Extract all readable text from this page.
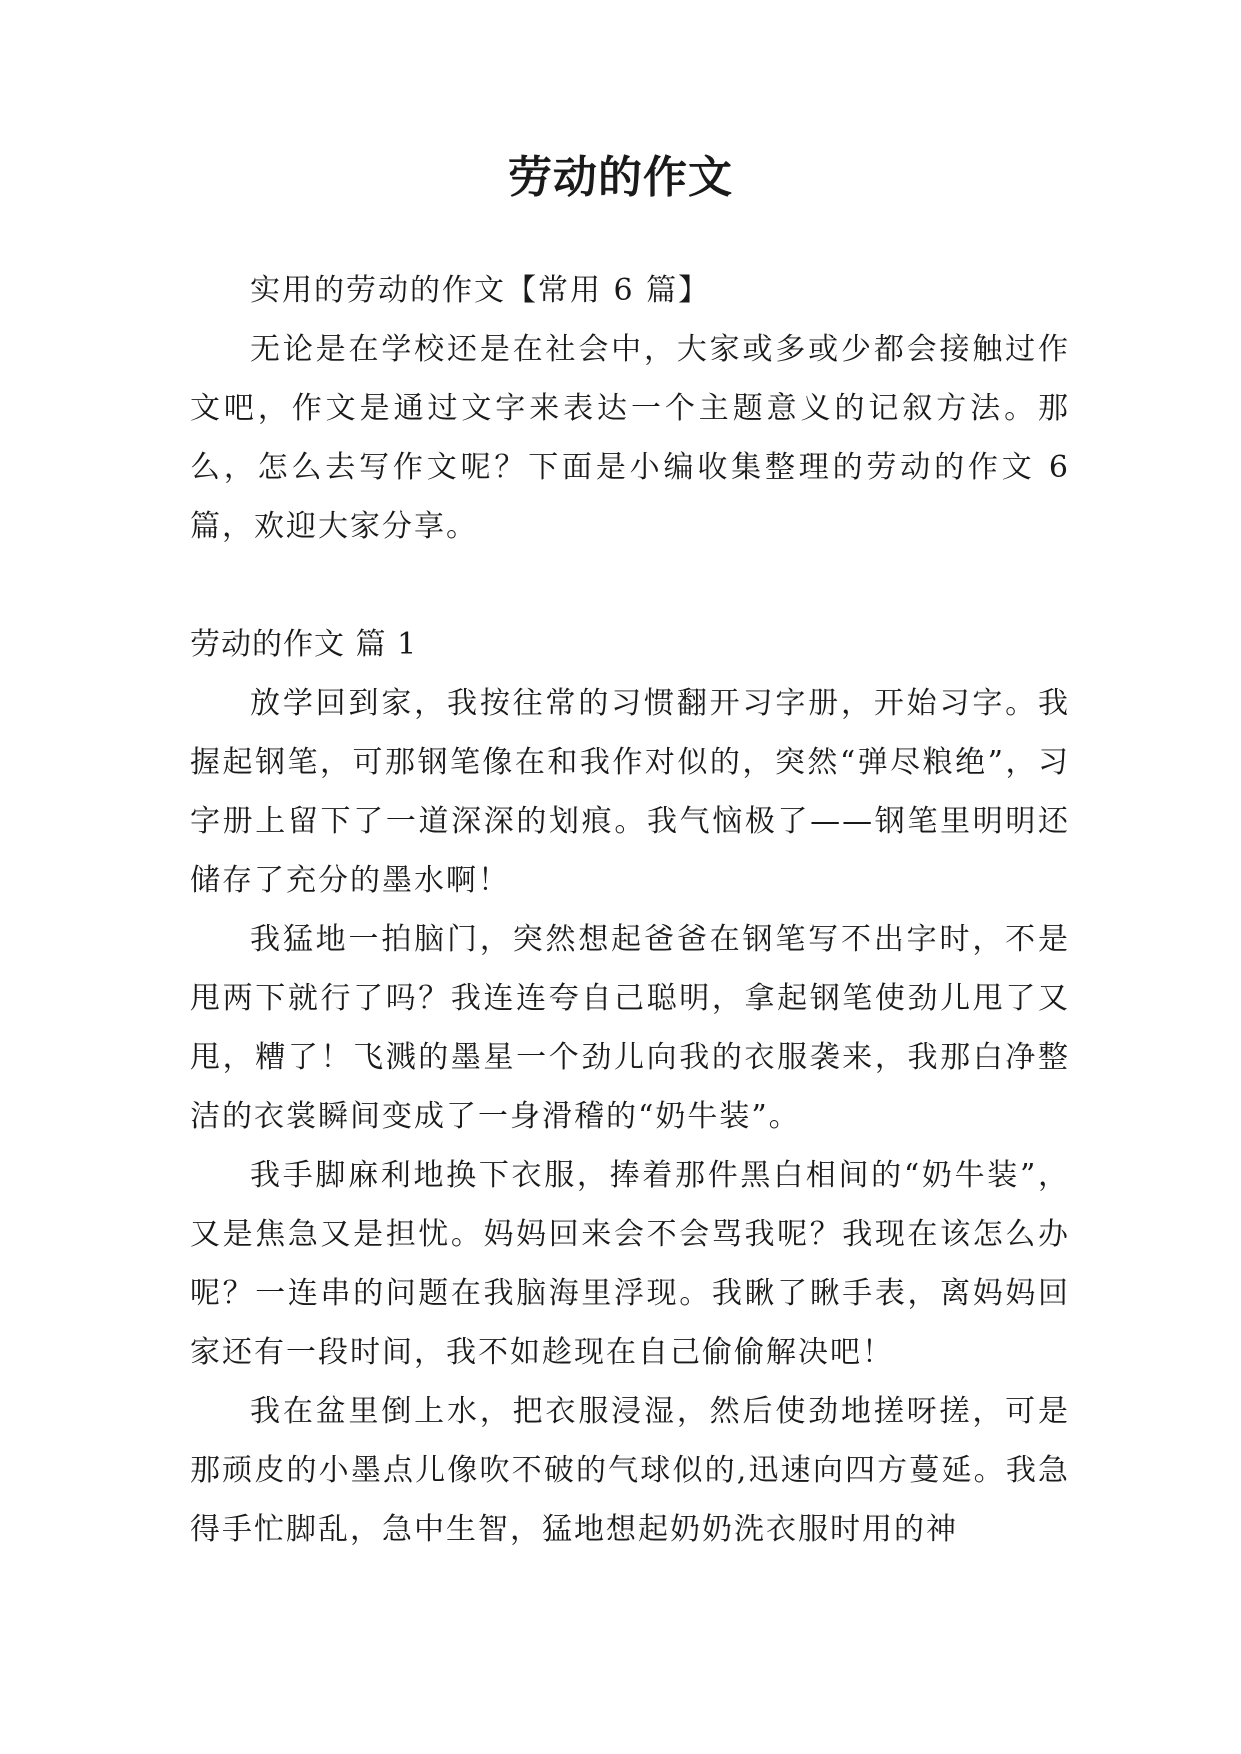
劳动的作文

实用的劳动的作文【常用 6 篇】

无论是在学校还是在社会中，大家或多或少都会接触过作文吧，作文是通过文字来表达一个主题意义的记叙方法。那么，怎么去写作文呢？下面是小编收集整理的劳动的作文 6 篇，欢迎大家分享。

劳动的作文 篇 1

放学回到家，我按往常的习惯翻开习字册，开始习字。我握起钢笔，可那钢笔像在和我作对似的，突然“弹尽粮绝”，习字册上留下了一道深深的划痕。我气恼极了——钢笔里明明还储存了充分的墨水啊！

我猛地一拍脑门，突然想起爸爸在钢笔写不出字时，不是甩两下就行了吗？我连连夸自己聪明，拿起钢笔使劲儿甩了又甩，糟了！飞溅的墨星一个劲儿向我的衣服袭来，我那白净整洁的衣裳瞬间变成了一身滑稽的“奶牛装”。

我手脚麻利地换下衣服，捧着那件黑白相间的“奶牛装”，又是焦急又是担忧。妈妈回来会不会骂我呢？我现在该怎么办呢？一连串的问题在我脑海里浮现。我瞅了瞅手表，离妈妈回家还有一段时间，我不如趁现在自己偷偷解决吧！

我在盆里倒上水，把衣服浸湿，然后使劲地搓呀搓，可是那顽皮的小墨点儿像吹不破的气球似的,迅速向四方蔓延。我急得手忙脚乱，急中生智，猛地想起奶奶洗衣服时用的神
